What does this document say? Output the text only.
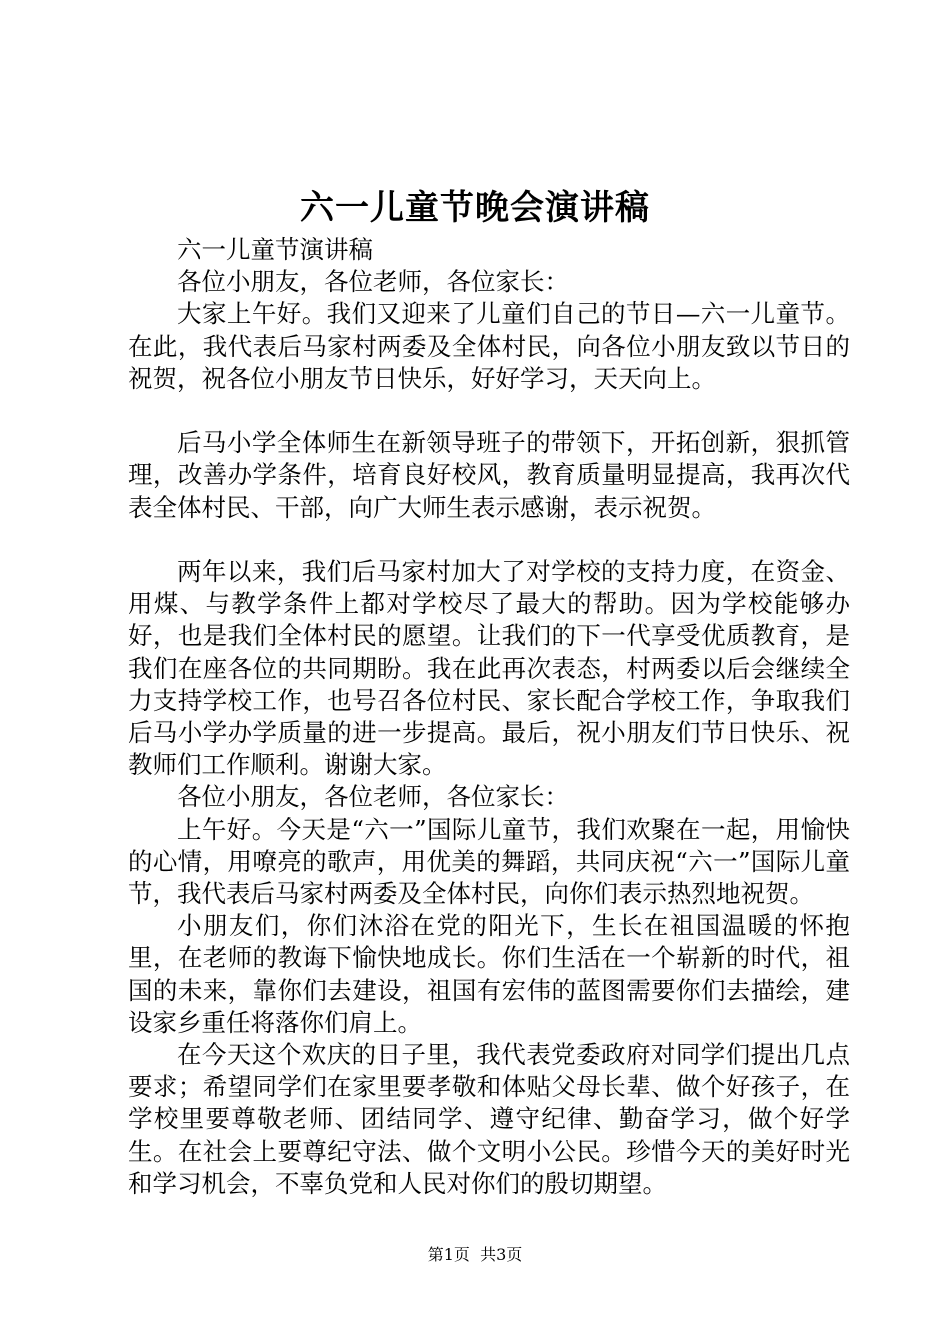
六一儿童节晚会演讲稿

六一儿童节演讲稿

各位小朋友，各位老师，各位家长：

大家上午好。我们又迎来了儿童们自己的节日—六一儿童节。在此，我代表后马家村两委及全体村民，向各位小朋友致以节日的祝贺，祝各位小朋友节日快乐，好好学习，天天向上。

后马小学全体师生在新领导班子的带领下，开拓创新，狠抓管理，改善办学条件，培育良好校风，教育质量明显提高，我再次代表全体村民、干部，向广大师生表示感谢，表示祝贺。

两年以来，我们后马家村加大了对学校的支持力度，在资金、用煤、与教学条件上都对学校尽了最大的帮助。因为学校能够办好，也是我们全体村民的愿望。让我们的下一代享受优质教育，是我们在座各位的共同期盼。我在此再次表态，村两委以后会继续全力支持学校工作，也号召各位村民、家长配合学校工作，争取我们后马小学办学质量的进一步提高。最后，祝小朋友们节日快乐、祝教师们工作顺利。谢谢大家。

各位小朋友，各位老师，各位家长：

上午好。今天是“六一”国际儿童节，我们欢聚在一起，用愉快的心情，用嘹亮的歌声，用优美的舞蹈，共同庆祝“六一”国际儿童节，我代表后马家村两委及全体村民，向你们表示热烈地祝贺。

小朋友们，你们沐浴在党的阳光下，生长在祖国温暖的怀抱里，在老师的教诲下愉快地成长。你们生活在一个崭新的时代，祖国的未来，靠你们去建设，祖国有宏伟的蓝图需要你们去描绘，建设家乡重任将落你们肩上。

在今天这个欢庆的日子里，我代表党委政府对同学们提出几点要求；希望同学们在家里要孝敬和体贴父母长辈、做个好孩子，在学校里要尊敬老师、团结同学、遵守纪律、勤奋学习，做个好学生。在社会上要尊纪守法、做个文明小公民。珍惜今天的美好时光和学习机会，不辜负党和人民对你们的殷切期望。

第1页 共3页
